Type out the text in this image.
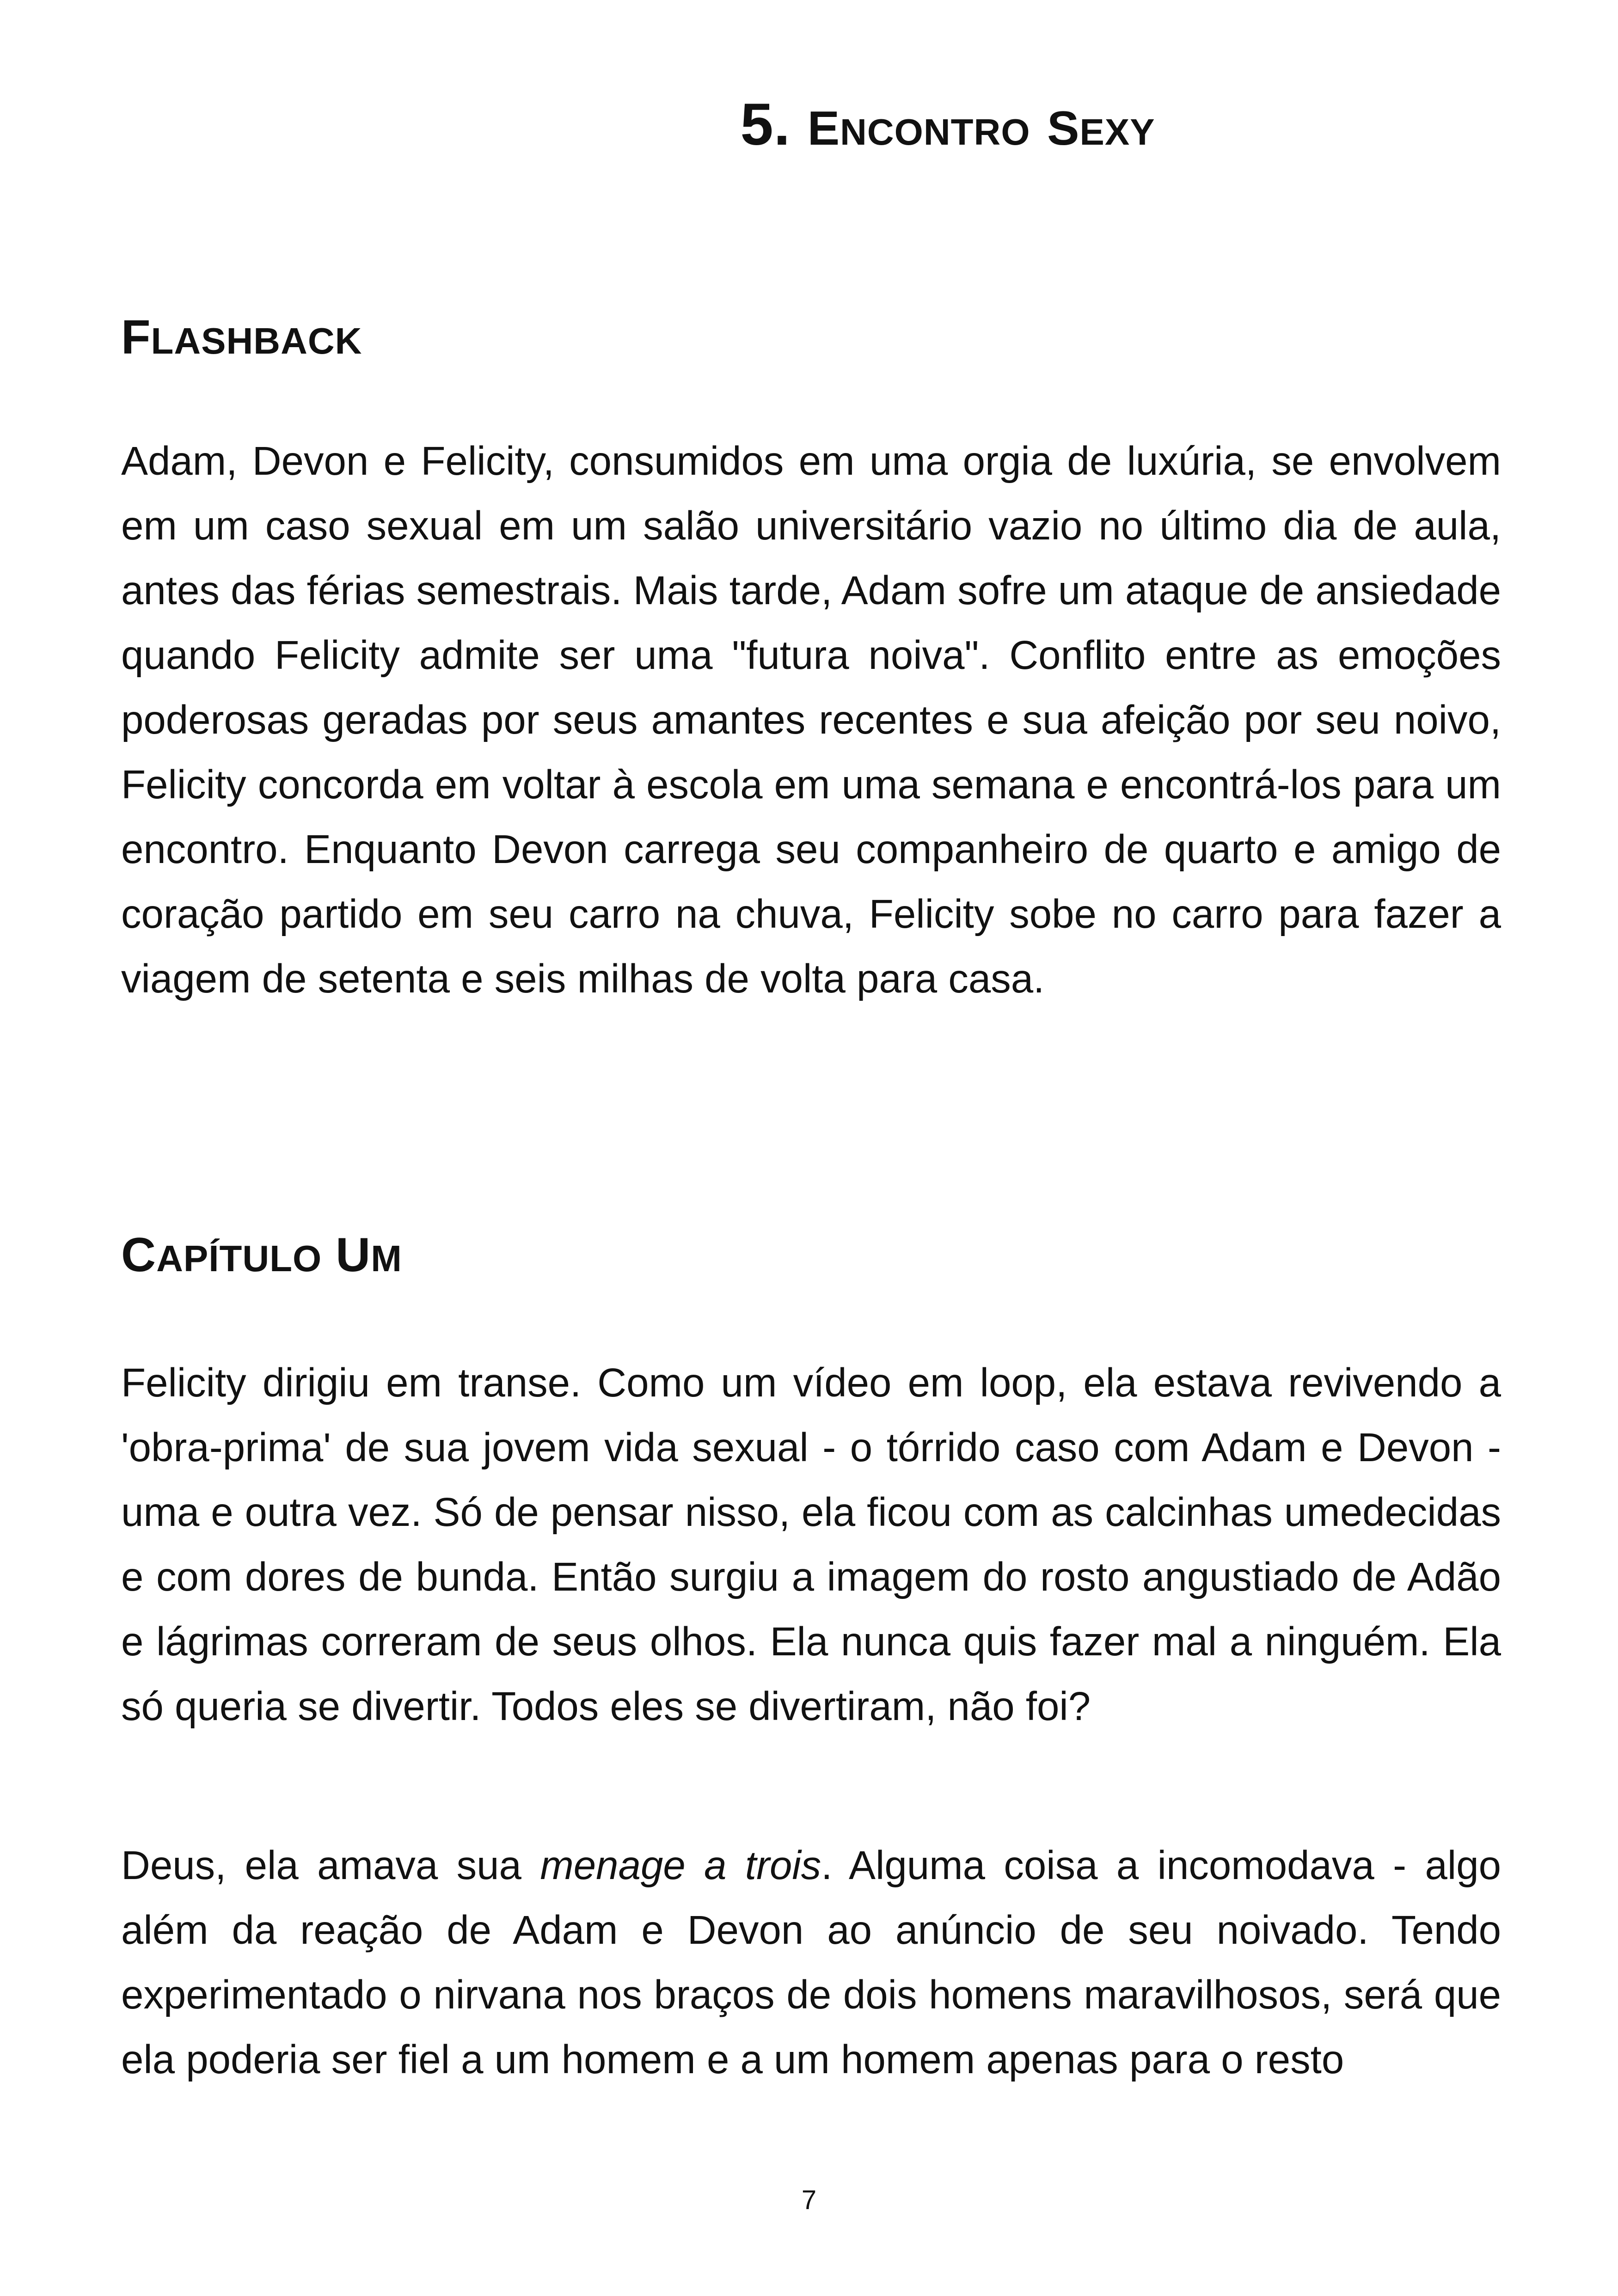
5. ENCONTRO SEXY
FLASHBACK

Adam, Devon e Felicity, consumidos em uma orgia de luxúria, se envolvem em um caso sexual em um salão universitário vazio no último dia de aula, antes das férias semestrais. Mais tarde, Adam sofre um ataque de ansiedade quando Felicity admite ser uma "futura noiva". Conflito entre as emoções poderosas geradas por seus amantes recentes e sua afeição por seu noivo, Felicity concorda em voltar à escola em uma semana e encontrá-los para um encontro. Enquanto Devon carrega seu companheiro de quarto e amigo de coração partido em seu carro na chuva, Felicity sobe no carro para fazer a viagem de setenta e seis milhas de volta para casa.

CAPÍTULO UM

Felicity dirigiu em transe. Como um vídeo em loop, ela estava revivendo a 'obra-prima' de sua jovem vida sexual - o tórrido caso com Adam e Devon - uma e outra vez. Só de pensar nisso, ela ficou com as calcinhas umedecidas e com dores de bunda. Então surgiu a imagem do rosto angustiado de Adão e lágrimas correram de seus olhos. Ela nunca quis fazer mal a ninguém. Ela só queria se divertir. Todos eles se divertiram, não foi?

Deus, ela amava sua menage a trois. Alguma coisa a incomodava - algo além da reação de Adam e Devon ao anúncio de seu noivado. Tendo experimentado o nirvana nos braços de dois homens maravilhosos, será que ela poderia ser fiel a um homem e a um homem apenas para o resto

7
